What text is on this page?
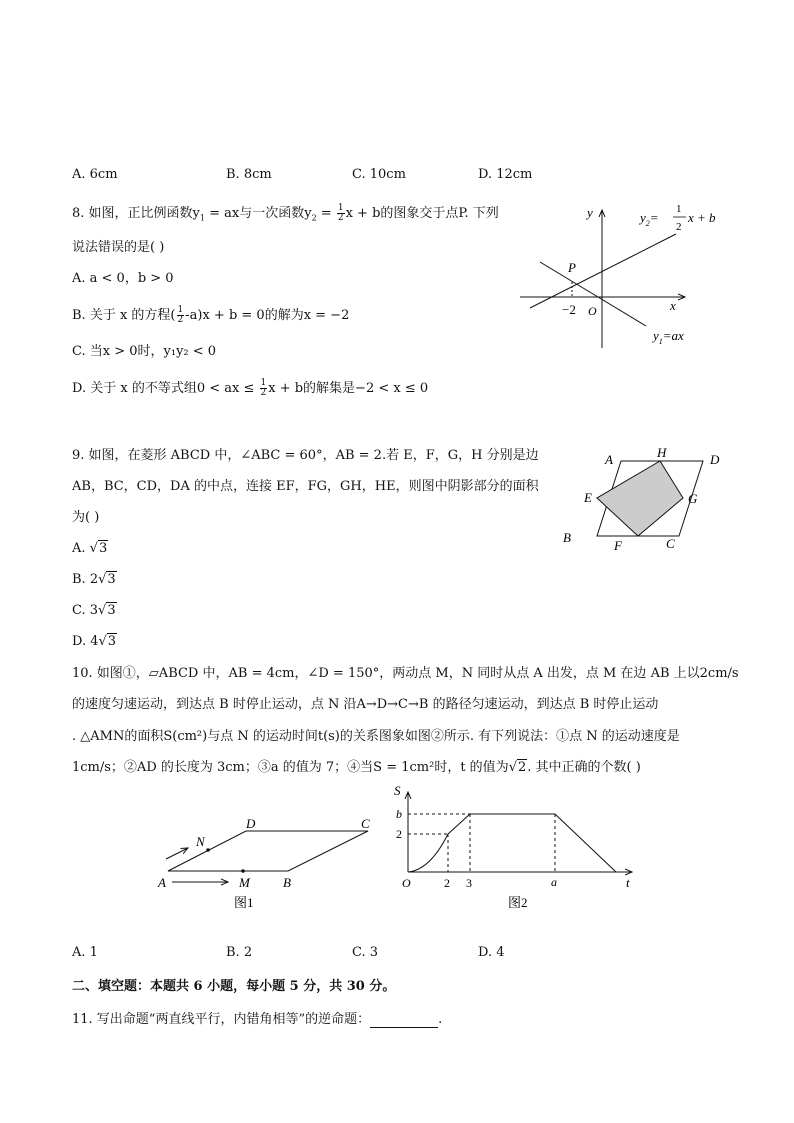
A. 6cm	B. 8cm	C. 10cm	D. 12cm
8. 如图，正比例函数$y_1$ = ax与一次函数$y_2 = \frac{1}{2}$ x + b的图象交于点P. 下列
说法错误的是( )
A. a < 0，b > 0
B. 关于 x 的方程( $\frac{1}{2} -a)x + b = 0$的解为x = −2
C. 当x > 0时，y₁y₂ < 0
D. 关于 x 的不等式组0 < ax ≤ $\frac{1}{2}$ x + b的解集是−2 < x ≤ 0
y
x
O
P
−2
$y_2=$
1
2
x + b
$y_1=ax$
9. 如图，在菱形 ABCD 中，∠ABC = 60°，AB = 2.若 E，F，G，H 分别是边
AB，BC，CD，DA 的中点，连接 EF，FG，GH，HE，则图中阴影部分的面积
为( )
A. √3
B. 2√3
C. 3√3
D. 4√3
A	D
B	C
E
F
G
H
10. 如图①，▱ABCD 中，AB = 4cm，∠D = 150°，两动点 M，N 同时从点 A 出发，点 M 在边 AB 上以2cm/s
的速度匀速运动，到达点 B 时停止运动，点 N 沿A→D→C→B 的路径匀速运动，到达点 B 时停止运动
. △AMN的面积S(cm²)与点 N 的运动时间t(s)的关系图象如图②所示. 有下列说法：①点 N 的运动速度是
1cm/s；②AD 的长度为 3cm；③a 的值为 7；④当S = 1cm²时，t 的值为√2. 其中正确的个数( )
A	B
C
D
M
N
图1
S
t
O
b
2
2 3	a
图2
A. 1	B. 2	C. 3	D. 4
二、填空题：本题共 6 小题，每小题 5 分，共 30 分。
11. 写出命题“两直线平行，内错角相等”的逆命题：	.
